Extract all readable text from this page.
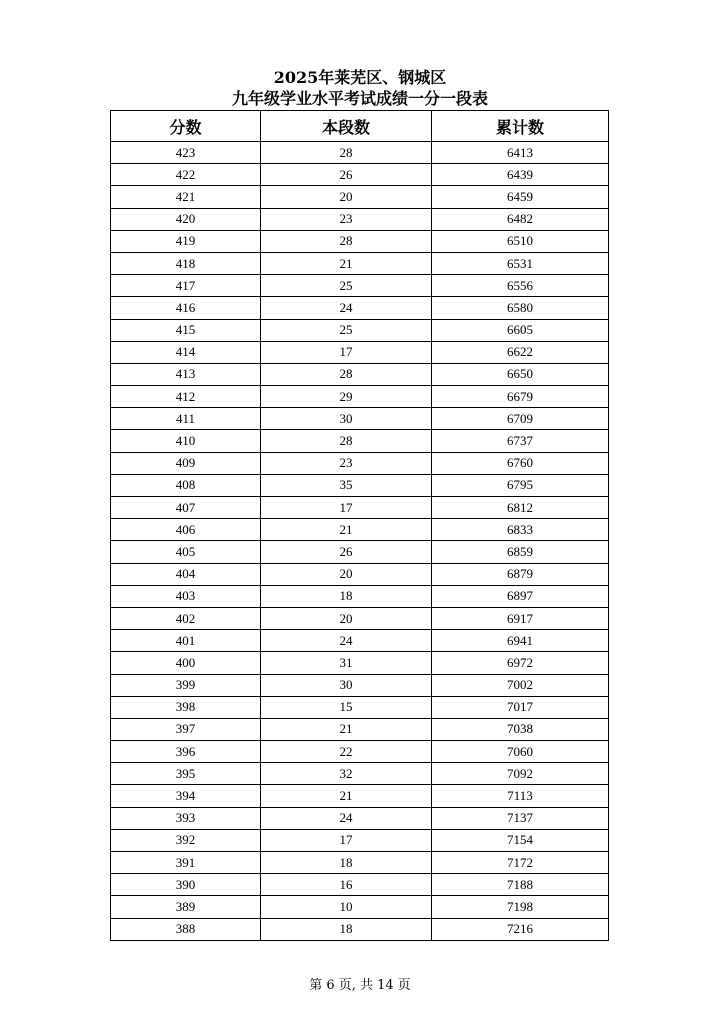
2025年莱芜区、钢城区
九年级学业水平考试成绩一分一段表
分数	本段数	累计数
423	28	6413
422	26	6439
421	20	6459
420	23	6482
419	28	6510
418	21	6531
417	25	6556
416	24	6580
415	25	6605
414	17	6622
413	28	6650
412	29	6679
411	30	6709
410	28	6737
409	23	6760
408	35	6795
407	17	6812
406	21	6833
405	26	6859
404	20	6879
403	18	6897
402	20	6917
401	24	6941
400	31	6972
399	30	7002
398	15	7017
397	21	7038
396	22	7060
395	32	7092
394	21	7113
393	24	7137
392	17	7154
391	18	7172
390	16	7188
389	10	7198
388	18	7216
第 6 页, 共 14 页
